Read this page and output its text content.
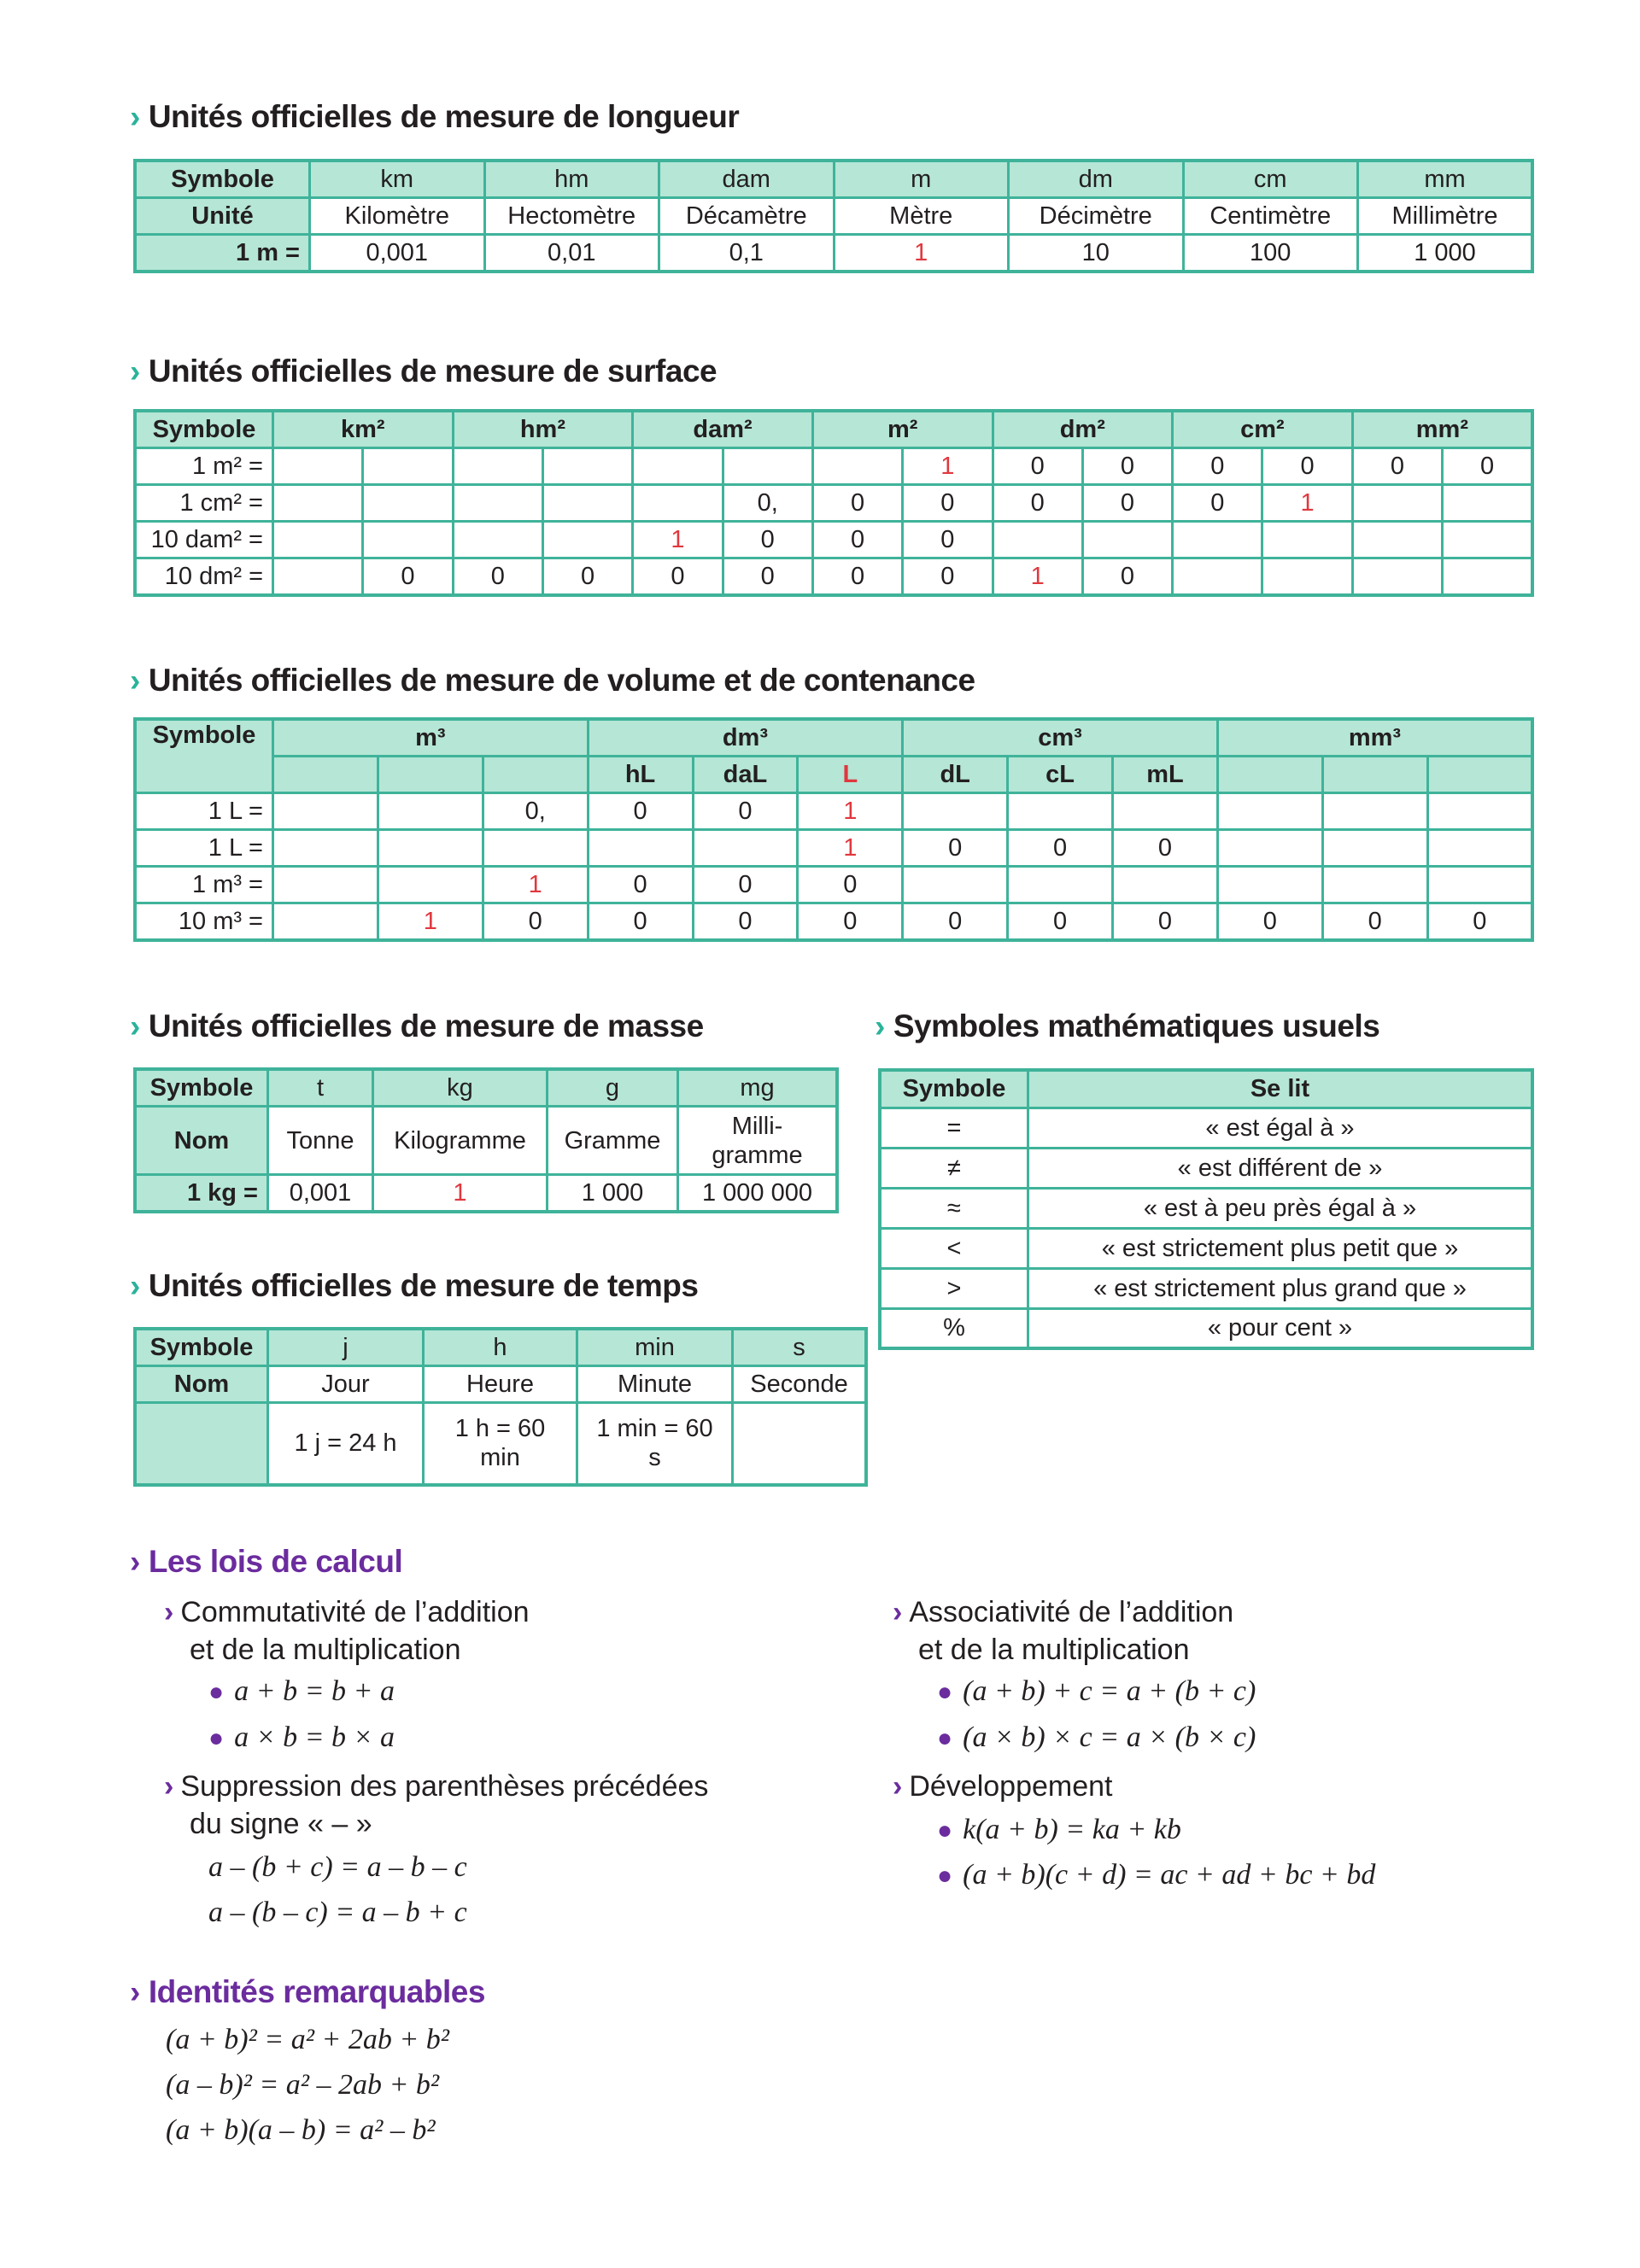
› Unités officielles de mesure de longueur
› Unités officielles de mesure de surface
› Unités officielles de mesure de volume et de contenance
› Unités officielles de mesure de masse	› Symboles mathématiques usuels
› Unités officielles de mesure de temps
Symbole	km	hm	dam	m	dm	cm	mm
Unité	Kilomètre	Hectomètre	Décamètre	Mètre	Décimètre	Centimètre	Millimètre
1 m =	0,001	0,01	0,1	1	10	100	1 000
Symbole	km²		hm²		dam²		m²		dm²		cm²		mm²	
1 m² =								1	0	0	0	0	0	0
1 cm² =						0,	0	0	0	0	0	1		
10 dam² =					1	0	0	0						
10 dm² =		0	0	0	0	0	0	0	1	0				
Symbole	m³			dm³			cm³			mm³		
				hL	daL	L	dL	cL	mL			
1 L =			0,	0	0	1						
1 L =						1	0	0	0			
1 m³ =			1	0	0	0						
10 m³ =		1	0	0	0	0	0	0	0	0	0	0
Symbole	t	kg	g	mg
Nom	Tonne	Kilogramme	Gramme	Milli-
gramme
1 kg =	0,001	1	1 000	1 000 000
Symbole	j	h	min	s
Nom	Jour	Heure	Minute	Seconde
	1 j = 24 h	1 h = 60 min	1 min = 60 s	
Symbole	Se lit
=	« est égal à »
≠	« est différent de »
≈	« est à peu près égal à »
<	« est strictement plus petit que »
>	« est strictement plus grand que »
%	« pour cent »
› Les lois de calcul
› Commutativité de l’addition
et de la multiplication
● a + b = b + a
● a × b = b × a
› Suppression des parenthèses précédées
du signe « – »
a – (b + c) = a – b – c
a – (b – c) = a – b + c
› Associativité de l’addition
et de la multiplication
● (a + b) + c = a + (b + c)
● (a × b) × c = a × (b × c)
› Développement
● k(a + b) = ka + kb
● (a + b)(c + d) = ac + ad + bc + bd
› Identités remarquables
(a + b)² = a² + 2ab + b²
(a – b)² = a² – 2ab + b²
(a + b)(a – b) = a² – b²
